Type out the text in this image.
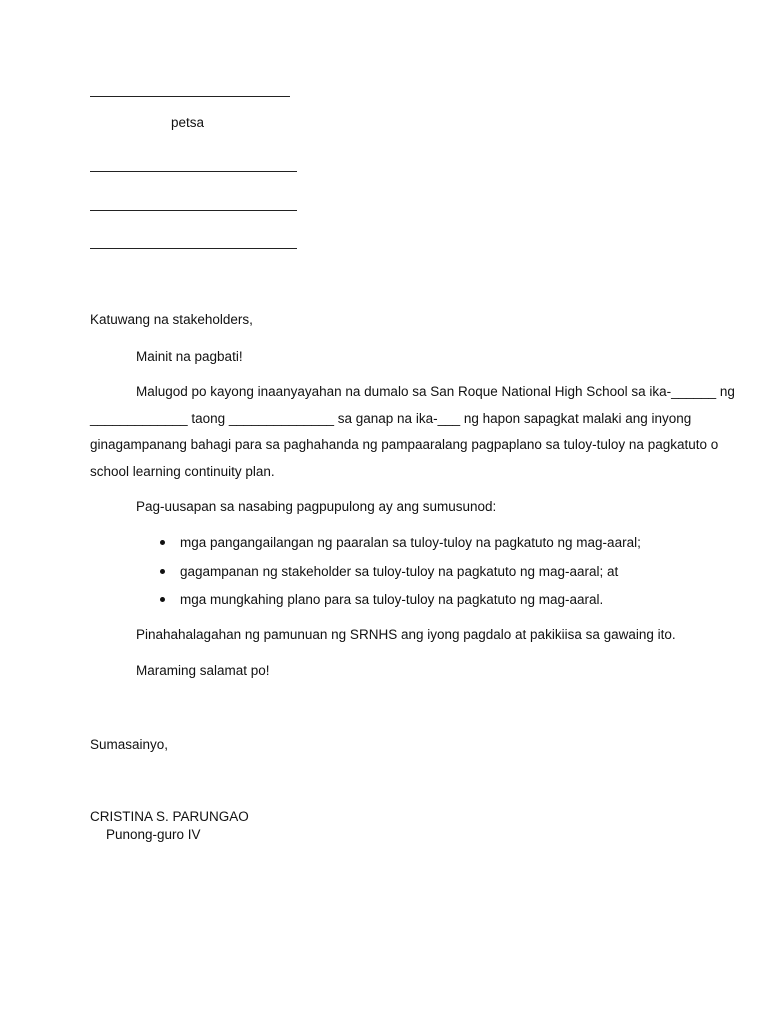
petsa
Katuwang na stakeholders,
Mainit na pagbati!
Malugod po kayong inaanyayahan na dumalo sa San Roque National High School sa ika-______ ng
_____________ taong ______________ sa ganap na ika-___ ng hapon sapagkat malaki ang inyong
ginagampanang bahagi para sa paghahanda ng pampaaralang pagpaplano sa tuloy-tuloy na pagkatuto o
school learning continuity plan.
Pag-uusapan sa nasabing pagpupulong ay ang sumusunod:
mga pangangailangan ng paaralan sa tuloy-tuloy na pagkatuto ng mag-aaral;
gagampanan ng stakeholder sa tuloy-tuloy na pagkatuto ng mag-aaral; at
mga mungkahing plano para sa tuloy-tuloy na pagkatuto ng mag-aaral.
Pinahahalagahan ng pamunuan ng SRNHS ang iyong pagdalo at pakikiisa sa gawaing ito.
Maraming salamat po!
Sumasainyo,
CRISTINA S. PARUNGAO
Punong-guro IV
